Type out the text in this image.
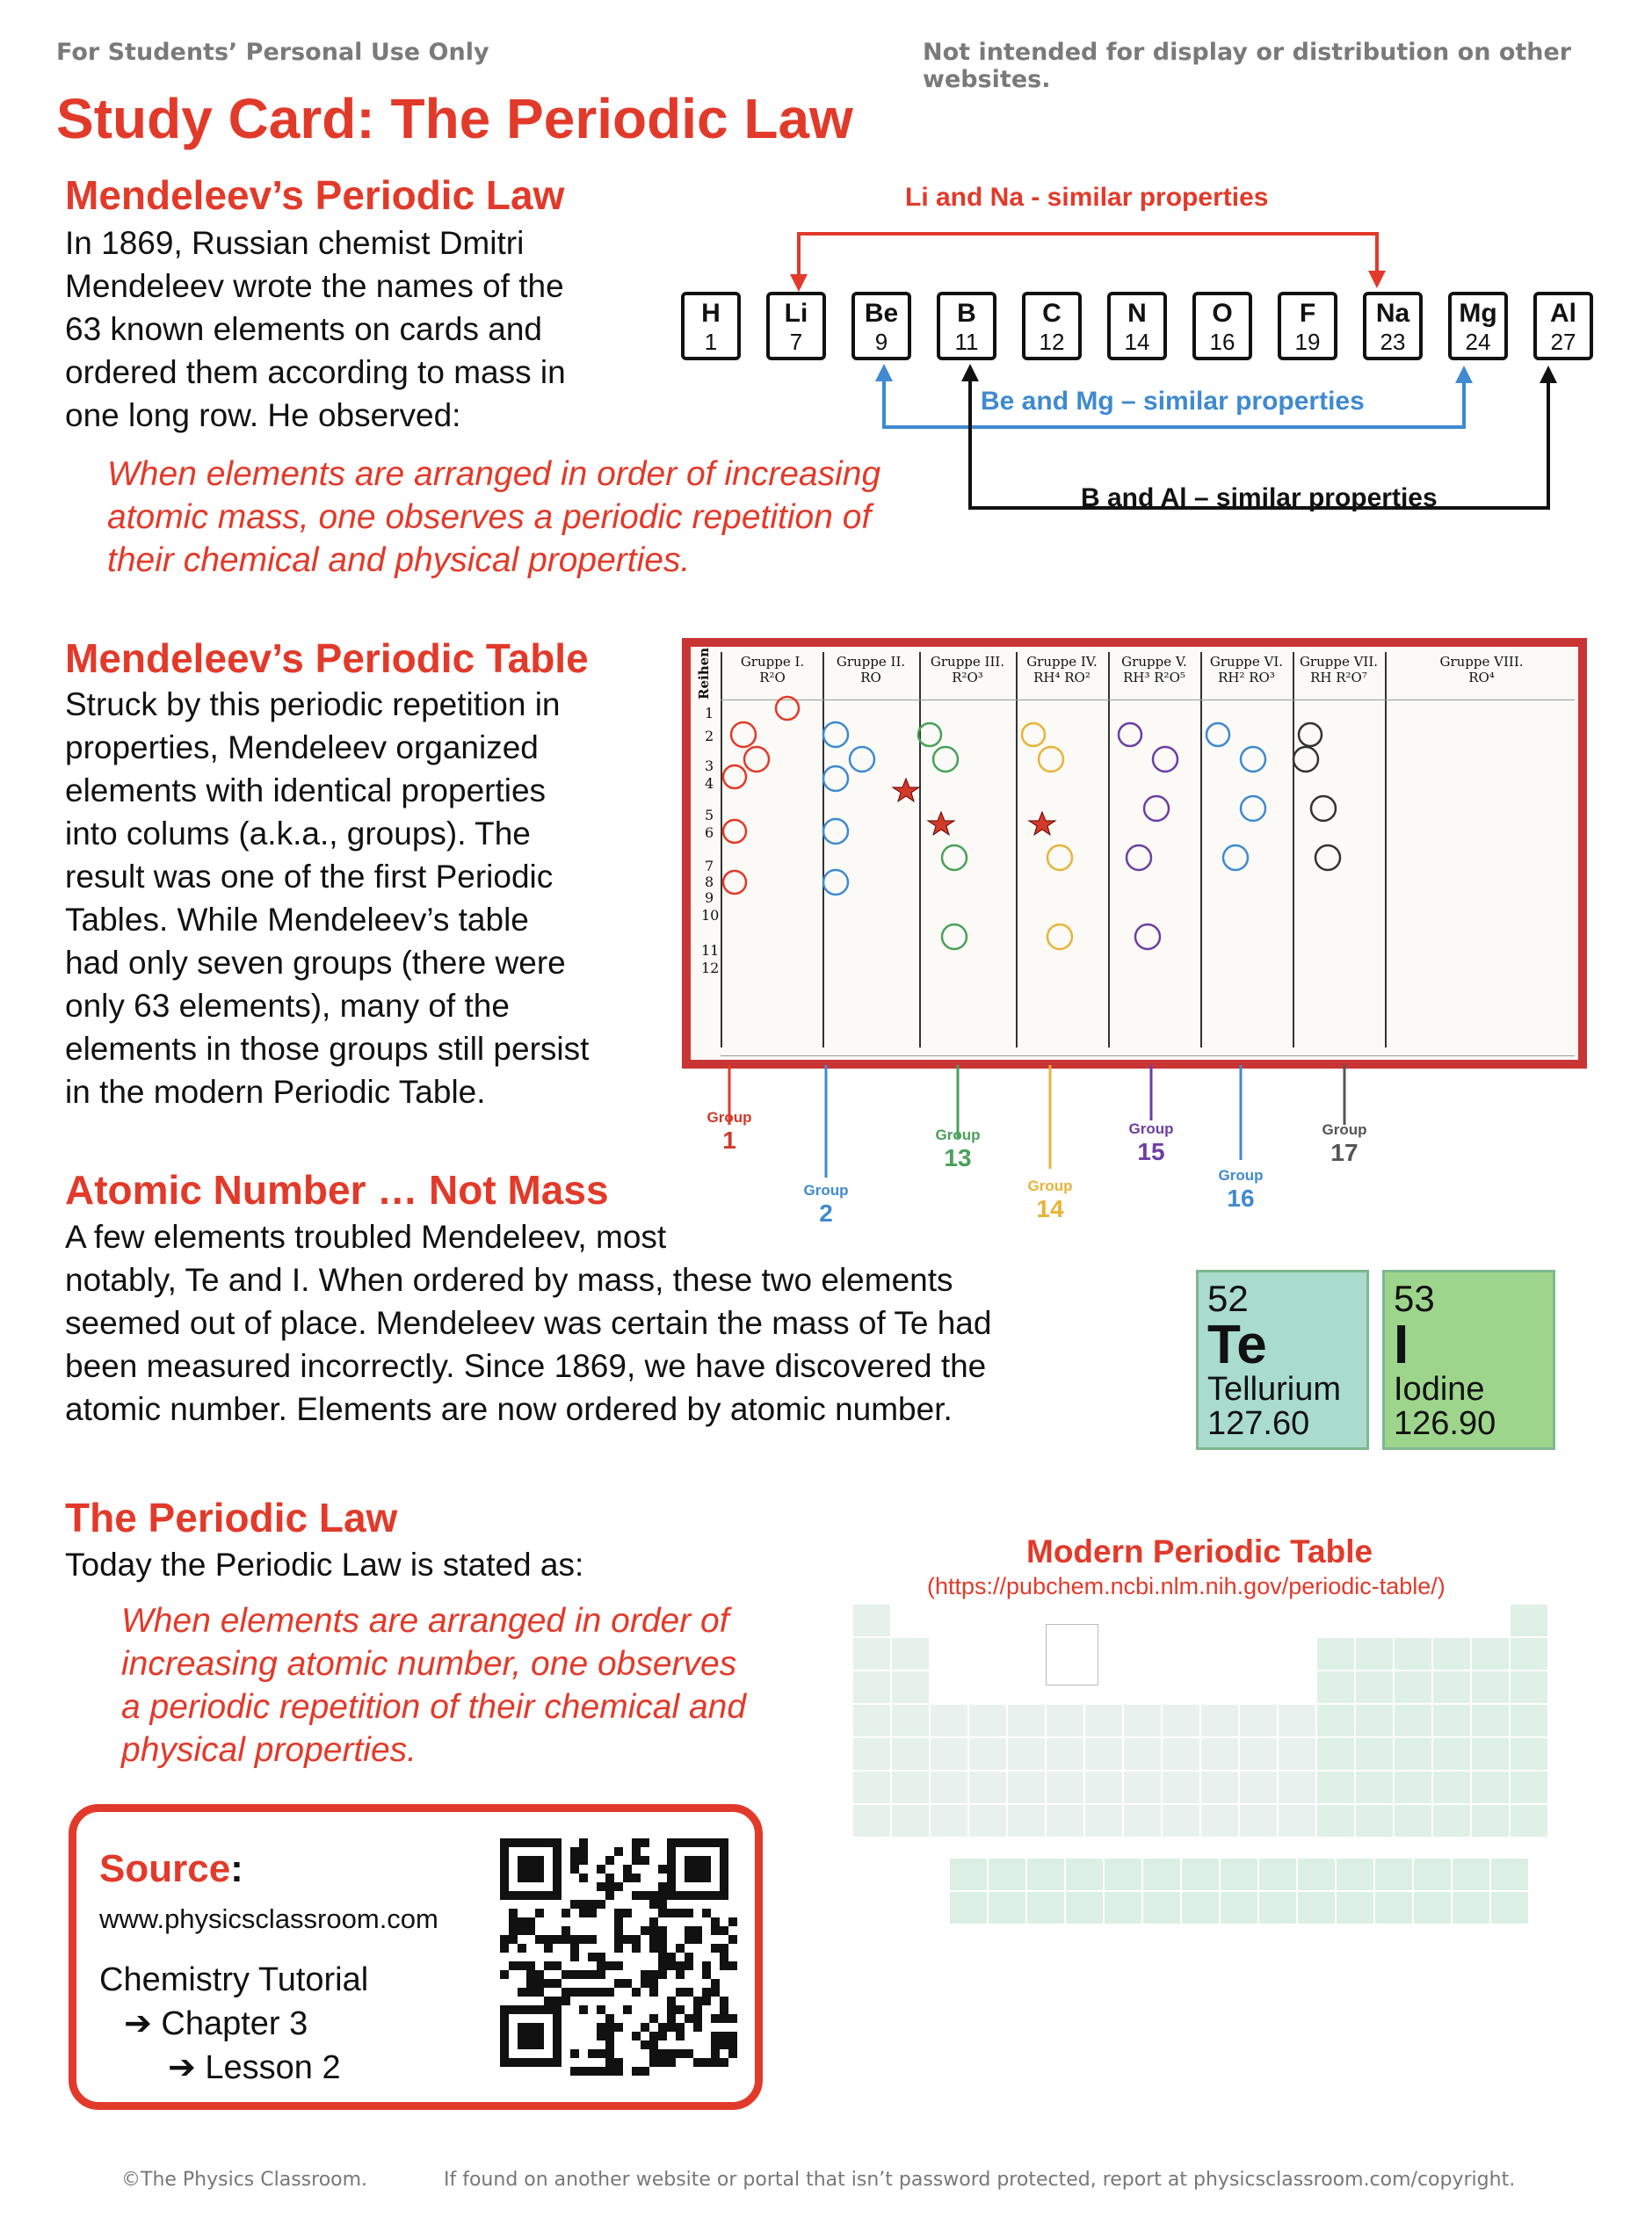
For Students’ Personal Use Only	Not intended for display or distribution on other websites.
Study Card: The Periodic Law
Mendeleev’s Periodic Law
In 1869, Russian chemist Dmitri
Mendeleev wrote the names of the
63 known elements on cards and
ordered them according to mass in
one long row. He observed:
When elements are arranged in order of increasing
atomic mass, one observes a periodic repetition of
their chemical and physical properties.
Li and Na - similar properties
Be and Mg – similar properties
B and Al – similar properties
H
1
Li
7
Be
9
B
11
C
12
N
14
O
16
F
19
Na
23
Mg
24
Al
27
Mendeleev’s Periodic Table
Struck by this periodic repetition in
properties, Mendeleev organized
elements with identical properties
into colums (a.k.a., groups). The
result was one of the first Periodic
Tables. While Mendeleev’s table
had only seven groups (there were
only 63 elements), many of the
elements in those groups still persist
in the modern Periodic Table.
Reihen	Gruppe I.
R²O
Gruppe II.
RO
Gruppe III.
R²O³
Gruppe IV.
RH⁴ RO²
Gruppe V.
RH³ R²O⁵
Gruppe VI.
RH² RO³
Gruppe VII.
RH R²O⁷
Gruppe VIII.
RO⁴
1
2
3
4
5
6
7
8
9
10
11
12
Group
1
Group
2
Group
13
Group
14
Group
15
Group
16
Group
17
Atomic Number … Not Mass
A few elements troubled Mendeleev, most
notably, Te and I. When ordered by mass, these two elements
seemed out of place. Mendeleev was certain the mass of Te had
been measured incorrectly. Since 1869, we have discovered the
atomic number. Elements are now ordered by atomic number.
52
Te
Tellurium
127.60
53
I
Iodine
126.90
The Periodic Law
Today the Periodic Law is stated as:
When elements are arranged in order of
increasing atomic number, one observes
a periodic repetition of their chemical and
physical properties.
Modern Periodic Table
(https://pubchem.ncbi.nlm.nih.gov/periodic-table/)
Source:
www.physicsclassroom.com
Chemistry Tutorial
➔ Chapter 3
➔ Lesson 2
©The Physics Classroom.	If found on another website or portal that isn’t password protected, report at physicsclassroom.com/copyright.
